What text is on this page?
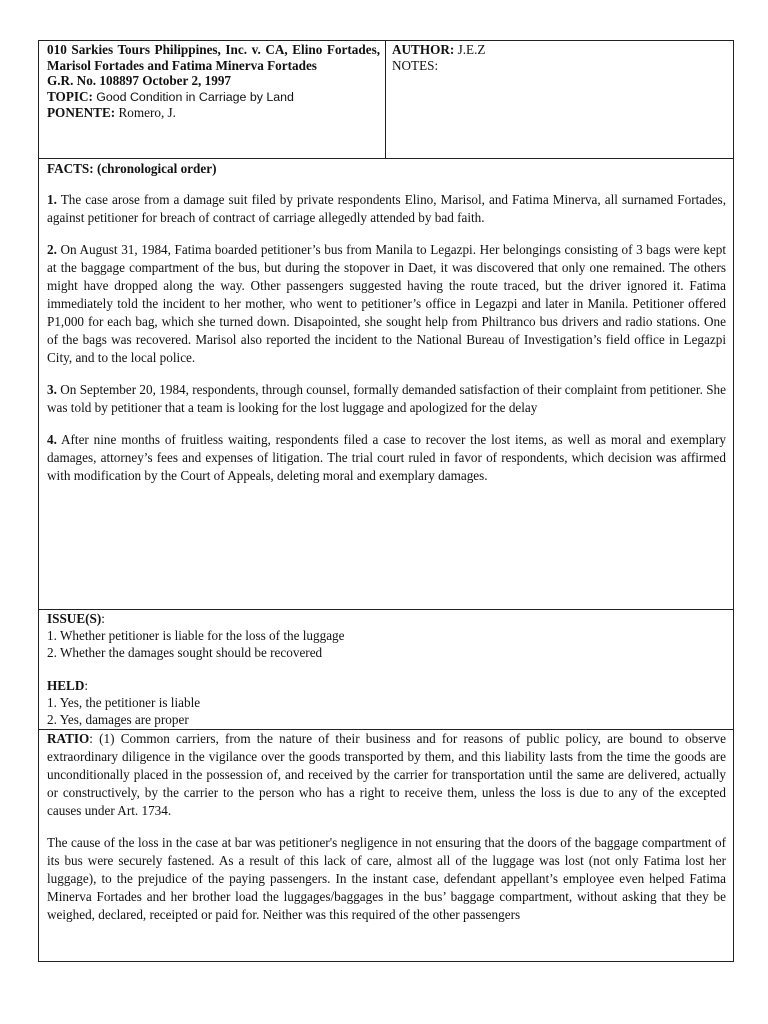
010 Sarkies Tours Philippines, Inc. v. CA, Elino Fortades, Marisol Fortades and Fatima Minerva Fortades
G.R. No. 108897 October 2, 1997
TOPIC: Good Condition in Carriage by Land
PONENTE: Romero, J.
AUTHOR: J.E.Z
NOTES:

FACTS: (chronological order)

1. The case arose from a damage suit filed by private respondents Elino, Marisol, and Fatima Minerva, all surnamed Fortades, against petitioner for breach of contract of carriage allegedly attended by bad faith.

2. On August 31, 1984, Fatima boarded petitioner’s bus from Manila to Legazpi. Her belongings consisting of 3 bags were kept at the baggage compartment of the bus, but during the stopover in Daet, it was discovered that only one remained. The others might have dropped along the way. Other passengers suggested having the route traced, but the driver ignored it. Fatima immediately told the incident to her mother, who went to petitioner’s office in Legazpi and later in Manila. Petitioner offered P1,000 for each bag, which she turned down. Disapointed, she sought help from Philtranco bus drivers and radio stations. One of the bags was recovered. Marisol also reported the incident to the National Bureau of Investigation’s field office in Legazpi City, and to the local police.

3. On September 20, 1984, respondents, through counsel, formally demanded satisfaction of their complaint from petitioner. She was told by petitioner that a team is looking for the lost luggage and apologized for the delay

4. After nine months of fruitless waiting, respondents filed a case to recover the lost items, as well as moral and exemplary damages, attorney’s fees and expenses of litigation. The trial court ruled in favor of respondents, which decision was affirmed with modification by the Court of Appeals, deleting moral and exemplary damages.

ISSUE(S):
1. Whether petitioner is liable for the loss of the luggage
2. Whether the damages sought should be recovered
HELD:
1. Yes, the petitioner is liable
2. Yes, damages are proper

RATIO: (1) Common carriers, from the nature of their business and for reasons of public policy, are bound to observe extraordinary diligence in the vigilance over the goods transported by them, and this liability lasts from the time the goods are unconditionally placed in the possession of, and received by the carrier for transportation until the same are delivered, actually or constructively, by the carrier to the person who has a right to receive them, unless the loss is due to any of the excepted causes under Art. 1734.

The cause of the loss in the case at bar was petitioner's negligence in not ensuring that the doors of the baggage compartment of its bus were securely fastened. As a result of this lack of care, almost all of the luggage was lost (not only Fatima lost her luggage), to the prejudice of the paying passengers. In the instant case, defendant appellant’s employee even helped Fatima Minerva Fortades and her brother load the luggages/baggages in the bus’ baggage compartment, without asking that they be weighed, declared, receipted or paid for. Neither was this required of the other passengers
